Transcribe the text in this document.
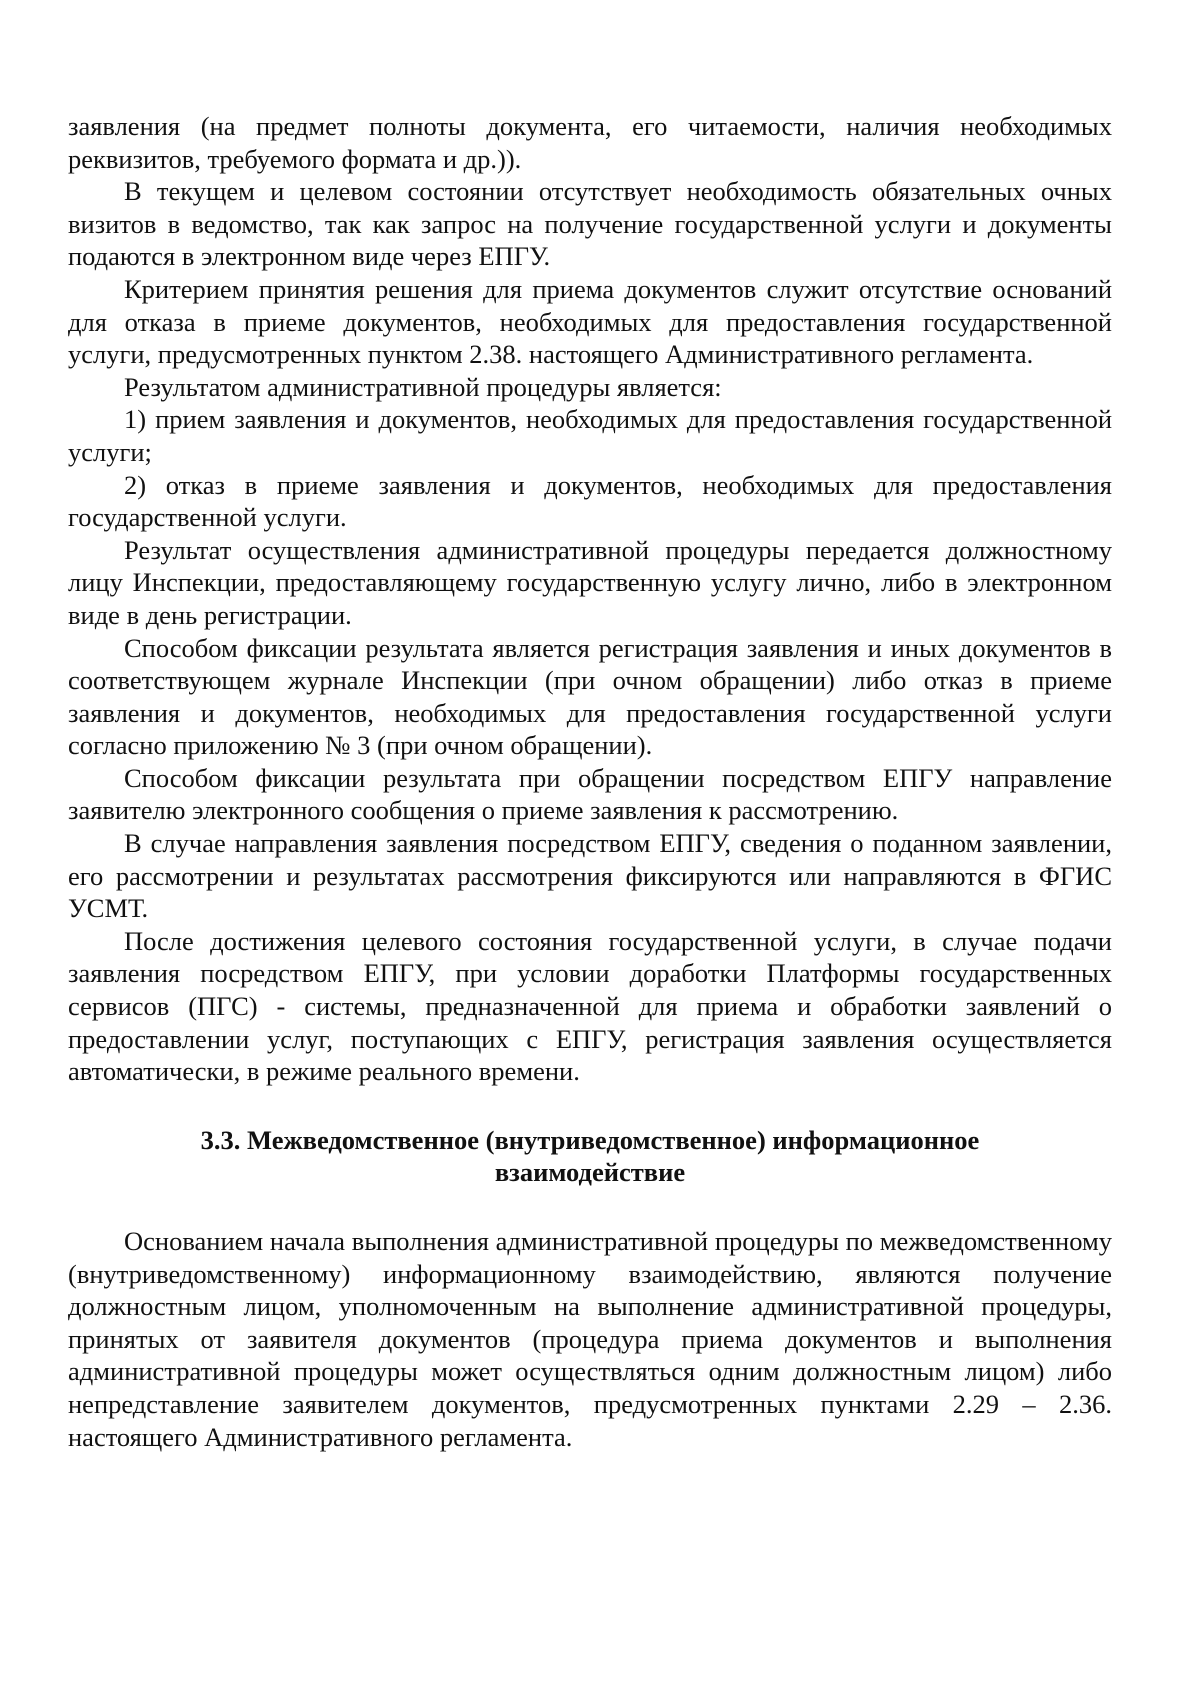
заявления (на предмет полноты документа, его читаемости, наличия необходимых реквизитов, требуемого формата и др.)).

В текущем и целевом состоянии отсутствует необходимость обязательных очных визитов в ведомство, так как запрос на получение государственной услуги и документы подаются в электронном виде через ЕПГУ.

Критерием принятия решения для приема документов служит отсутствие оснований для отказа в приеме документов, необходимых для предоставления государственной услуги, предусмотренных пунктом 2.38. настоящего Административного регламента.

Результатом административной процедуры является:

1) прием заявления и документов, необходимых для предоставления государственной услуги;

2) отказ в приеме заявления и документов, необходимых для предоставления государственной услуги.

Результат осуществления административной процедуры передается должностному лицу Инспекции, предоставляющему государственную услугу лично, либо в электронном виде в день регистрации.

Способом фиксации результата является регистрация заявления и иных документов в соответствующем журнале Инспекции (при очном обращении) либо отказ в приеме заявления и документов, необходимых для предоставления государственной услуги согласно приложению № 3 (при очном обращении).

Способом фиксации результата при обращении посредством ЕПГУ направление заявителю электронного сообщения о приеме заявления к рассмотрению.

В случае направления заявления посредством ЕПГУ, сведения о поданном заявлении, его рассмотрении и результатах рассмотрения фиксируются или направляются в ФГИС УСМТ.

После достижения целевого состояния государственной услуги, в случае подачи заявления посредством ЕПГУ, при условии доработки Платформы государственных сервисов (ПГС) - системы, предназначенной для приема и обработки заявлений о предоставлении услуг, поступающих с ЕПГУ, регистрация заявления осуществляется автоматически, в режиме реального времени.

3.3. Межведомственное (внутриведомственное) информационное
взаимодействие

Основанием начала выполнения административной процедуры по межведомственному (внутриведомственному) информационному взаимодействию, являются получение должностным лицом, уполномоченным на выполнение административной процедуры, принятых от заявителя документов (процедура приема документов и выполнения административной процедуры может осуществляться одним должностным лицом) либо непредставление заявителем документов, предусмотренных пунктами 2.29 – 2.36. настоящего Административного регламента.
